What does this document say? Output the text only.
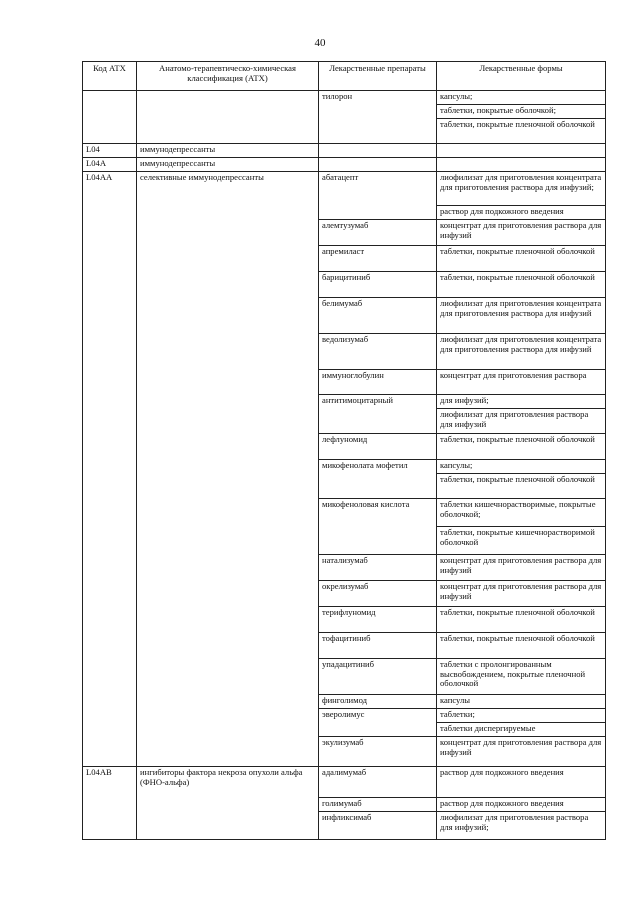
40
Код АТХ	Анатомо-терапевтическо-химическая классификация (АТХ)	Лекарственные препараты	Лекарственные формы
		тилорон	капсулы;
			таблетки, покрытые оболочкой;
			таблетки, покрытые пленочной оболочкой
L04	иммунодепрессанты		
L04A	иммунодепрессанты		
L04AA	селективные иммунодепрессанты	абатацепт	лиофилизат для приготовления концентрата для приготовления раствора для инфузий;
			раствор для подкожного введения
		алемтузумаб	концентрат для приготовления раствора для инфузий
		апремиласт	таблетки, покрытые пленочной оболочкой
		барицитиниб	таблетки, покрытые пленочной оболочкой
		белимумаб	лиофилизат для приготовления концентрата для приготовления раствора для инфузий
		ведолизумаб	лиофилизат для приготовления концентрата для приготовления раствора для инфузий
		иммуноглобулин	концентрат для приготовления раствора
		антитимоцитарный	для инфузий;
			лиофилизат для приготовления раствора для инфузий
		лефлуномид	таблетки, покрытые пленочной оболочкой
		микофенолата мофетил	капсулы;
			таблетки, покрытые пленочной оболочкой
		микофеноловая кислота	таблетки кишечнорастворимые, покрытые оболочкой;
			таблетки, покрытые кишечнорастворимой оболочкой
		натализумаб	концентрат для приготовления раствора для инфузий
		окрелизумаб	концентрат для приготовления раствора для инфузий
		терифлуномид	таблетки, покрытые пленочной оболочкой
		тофацитиниб	таблетки, покрытые пленочной оболочкой
		упадацитиниб	таблетки с пролонгированным высвобождением, покрытые пленочной оболочкой
		финголимод	капсулы
		эверолимус	таблетки;
			таблетки диспергируемые
		экулизумаб	концентрат для приготовления раствора для инфузий
L04AB	ингибиторы фактора некроза опухоли альфа (ФНО-альфа)	адалимумаб	раствор для подкожного введения
		голимумаб	раствор для подкожного введения
		инфликсимаб	лиофилизат для приготовления раствора для инфузий;
